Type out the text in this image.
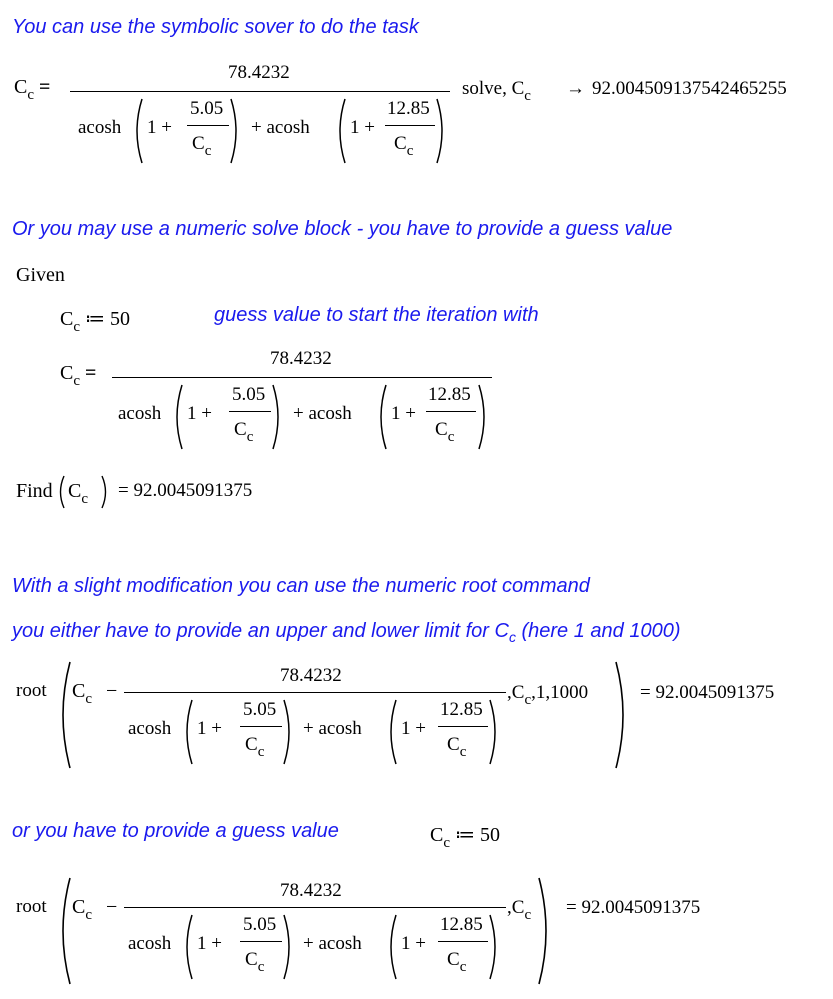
You can use the symbolic sover to do the task
$C_c$ =
78.4232
acosh 1 +
5.05
$C_c$
+ acosh 1 +
12.85
$C_c$
solve, $C_c \to 92.004509137542465255$
Or you may use a numeric solve block - you have to provide a guess value
Given
$C_c$ ≔ 50	guess value to start the iteration with
$C_c$ =
78.4232
acosh 1 +
5.05
$C_c$
+ acosh 1 +
12.85
$C_c$
Find $C_c = 92.0045091375$
With a slight modification you can use the numeric root command
you either have to provide an upper and lower limit for $C_c$ (here 1 and 1000)
root $C_c$ −
78.4232
acosh 1 +
5.05
$C_c$
+ acosh 1 +
12.85
$C_c$
$,C_c,1,1000$	= 92.0045091375
or you have to provide a guess value	$C_c$ ≔ 50
root $C_c$ −
78.4232
acosh 1 +
5.05
$C_c$
+ acosh 1 +
12.85
$C_c$
$,C_c = 92.0045091375$
